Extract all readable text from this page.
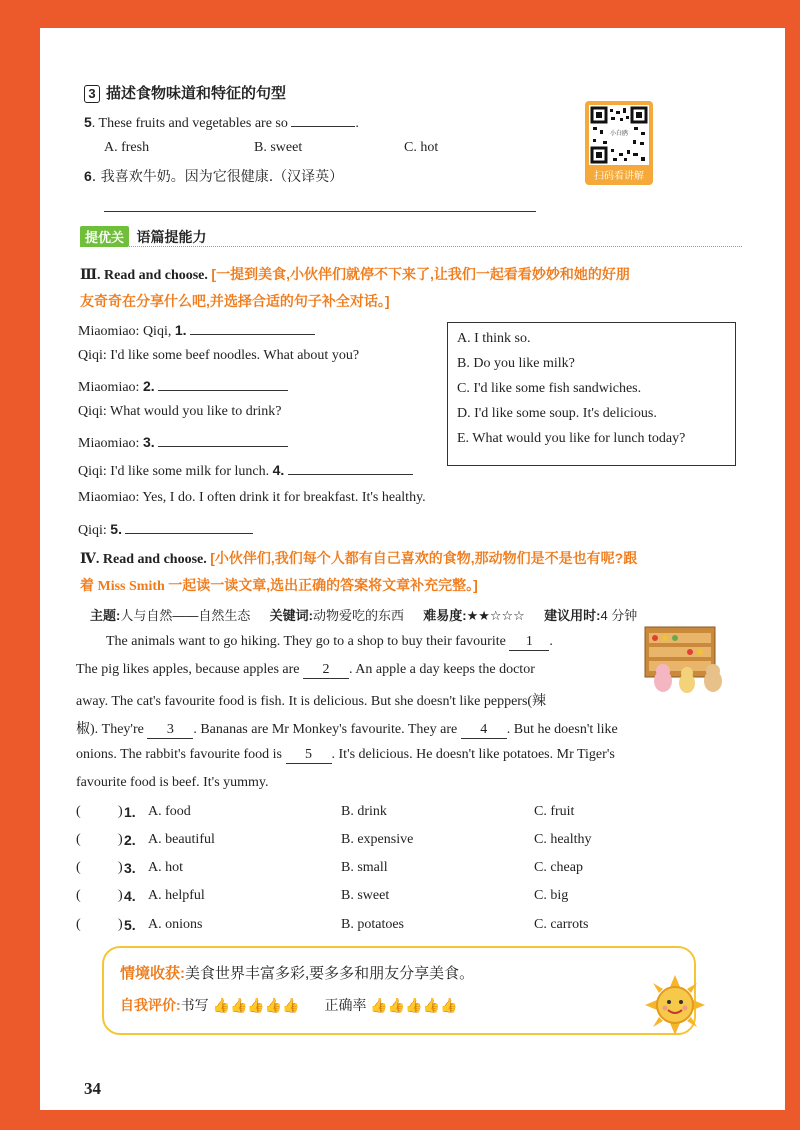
3 描述食物味道和特征的句型
5. These fruits and vegetables are so	.
A. fresh	B. sweet	C. hot
6. 我喜欢牛奶。因为它很健康.（汉译英）
小白鸥
扫码看讲解
提优关 语篇提能力
Ⅲ. Read and choose. [一提到美食,小伙伴们就停不下来了,让我们一起看看妙妙和她的好朋
友奇奇在分享什么吧,并选择合适的句子补全对话。]
Miaomiao: Qiqi, 1.
Qiqi: I'd like some beef noodles. What about you?
Miaomiao: 2.
Qiqi: What would you like to drink?
Miaomiao: 3.
Qiqi: I'd like some milk for lunch. 4.
Miaomiao: Yes, I do. I often drink it for breakfast. It's healthy.
Qiqi: 5.
A. I think so.
B. Do you like milk?
C. I'd like some fish sandwiches.
D. I'd like some soup. It's delicious.
E. What would you like for lunch today?
Ⅳ. Read and choose. [小伙伴们,我们每个人都有自己喜欢的食物,那动物们是不是也有呢?跟
着 Miss Smith 一起读一读文章,选出正确的答案将文章补充完整。]
主题:人与自然——自然生态 关键词:动物爱吃的东西 难易度:★★☆☆☆ 建议用时:4 分钟
The animals want to go hiking. They go to a shop to buy their favourite 1 .
The pig likes apples, because apples are 2 . An apple a day keeps the doctor
away. The cat's favourite food is fish. It is delicious. But she doesn't like peppers(辣
椒). They're 3 . Bananas are Mr Monkey's favourite. They are 4 . But he doesn't like
onions. The rabbit's favourite food is 5 . It's delicious. He doesn't like potatoes. Mr Tiger's
favourite food is beef. It's yummy.
(	) 1. A. food	B. drink	C. fruit
(	) 2. A. beautiful	B. expensive	C. healthy
(	) 3. A. hot	B. small	C. cheap
(	) 4. A. helpful	B. sweet	C. big
(	) 5. A. onions	B. potatoes	C. carrots
情境收获:美食世界丰富多彩,要多多和朋友分享美食。
自我评价:书写 👍👍👍👍👍 正确率 👍👍👍👍👍
34
